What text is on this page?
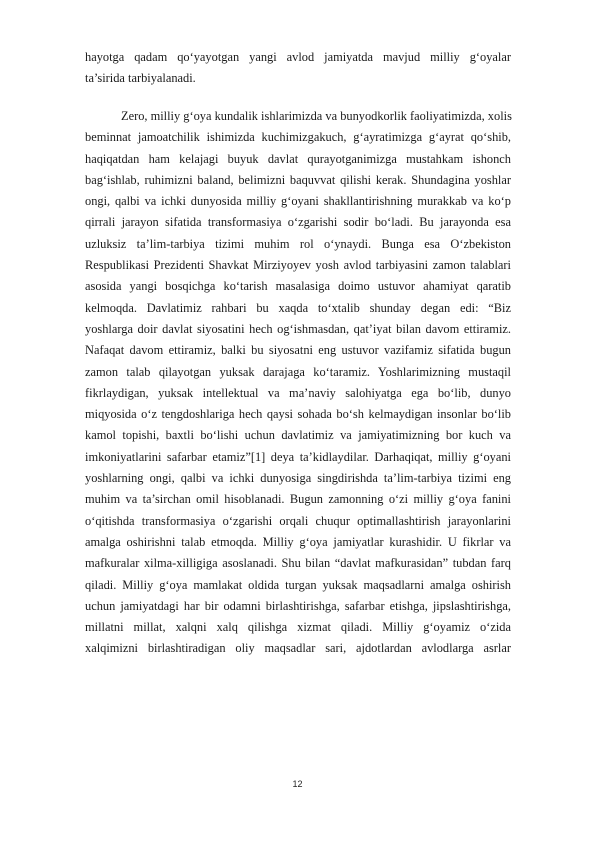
hayotga qadam qo‘yayotgan yangi avlod jamiyatda mavjud milliy g‘oyalar
ta’sirida tarbiyalanadi.
Zero, milliy g‘oya kundalik ishlarimizda va bunyodkorlik faoliyatimizda, xolis
beminnat jamoatchilik ishimizda kuchimizgakuch, g‘ayratimizga g‘ayrat qo‘shib,
haqiqatdan ham kelajagi buyuk davlat qurayotganimizga mustahkam ishonch
bag‘ishlab, ruhimizni baland, belimizni baquvvat qilishi kerak. Shundagina yoshlar
ongi, qalbi va ichki dunyosida milliy g‘oyani shakllantirishning murakkab va ko‘p
qirrali jarayon sifatida transformasiya o‘zgarishi sodir bo‘ladi. Bu jarayonda esa
uzluksiz ta’lim-tarbiya tizimi muhim rol o‘ynaydi. Bunga esa O‘zbekiston
Respublikasi Prezidenti Shavkat Mirziyoyev yosh avlod tarbiyasini zamon talablari
asosida yangi bosqichga ko‘tarish masalasiga doimo ustuvor ahamiyat qaratib
kelmoqda. Davlatimiz rahbari bu xaqda to‘xtalib shunday degan edi: “Biz
yoshlarga doir davlat siyosatini hech og‘ishmasdan, qat’iyat bilan davom ettiramiz.
Nafaqat davom ettiramiz, balki bu siyosatni eng ustuvor vazifamiz sifatida bugun
zamon talab qilayotgan yuksak darajaga ko‘taramiz. Yoshlarimizning mustaqil
fikrlaydigan, yuksak intellektual va ma’naviy salohiyatga ega bo‘lib, dunyo
miqyosida o‘z tengdoshlariga hech qaysi sohada bo‘sh kelmaydigan insonlar bo‘lib
kamol topishi, baxtli bo‘lishi uchun davlatimiz va jamiyatimizning bor kuch va
imkoniyatlarini safarbar etamiz”[1] deya ta’kidlaydilar. Darhaqiqat, milliy g‘oyani
yoshlarning ongi, qalbi va ichki dunyosiga singdirishda ta’lim-tarbiya tizimi eng
muhim va ta’sirchan omil hisoblanadi. Bugun zamonning o‘zi milliy g‘oya fanini
o‘qitishda transformasiya o‘zgarishi orqali chuqur optimallashtirish jarayonlarini
amalga oshirishni talab etmoqda. Milliy g‘oya jamiyatlar kurashidir. U fikrlar va
mafkuralar xilma-xilligiga asoslanadi. Shu bilan “davlat mafkurasidan” tubdan farq
qiladi. Milliy g‘oya mamlakat oldida turgan yuksak maqsadlarni amalga oshirish
uchun jamiyatdagi har bir odamni birlashtirishga, safarbar etishga, jipslashtirishga,
millatni millat, xalqni xalq qilishga xizmat qiladi. Milliy g‘oyamiz o‘zida
xalqimizni birlashtiradigan oliy maqsadlar sari, ajdotlardan avlodlarga asrlar
12
